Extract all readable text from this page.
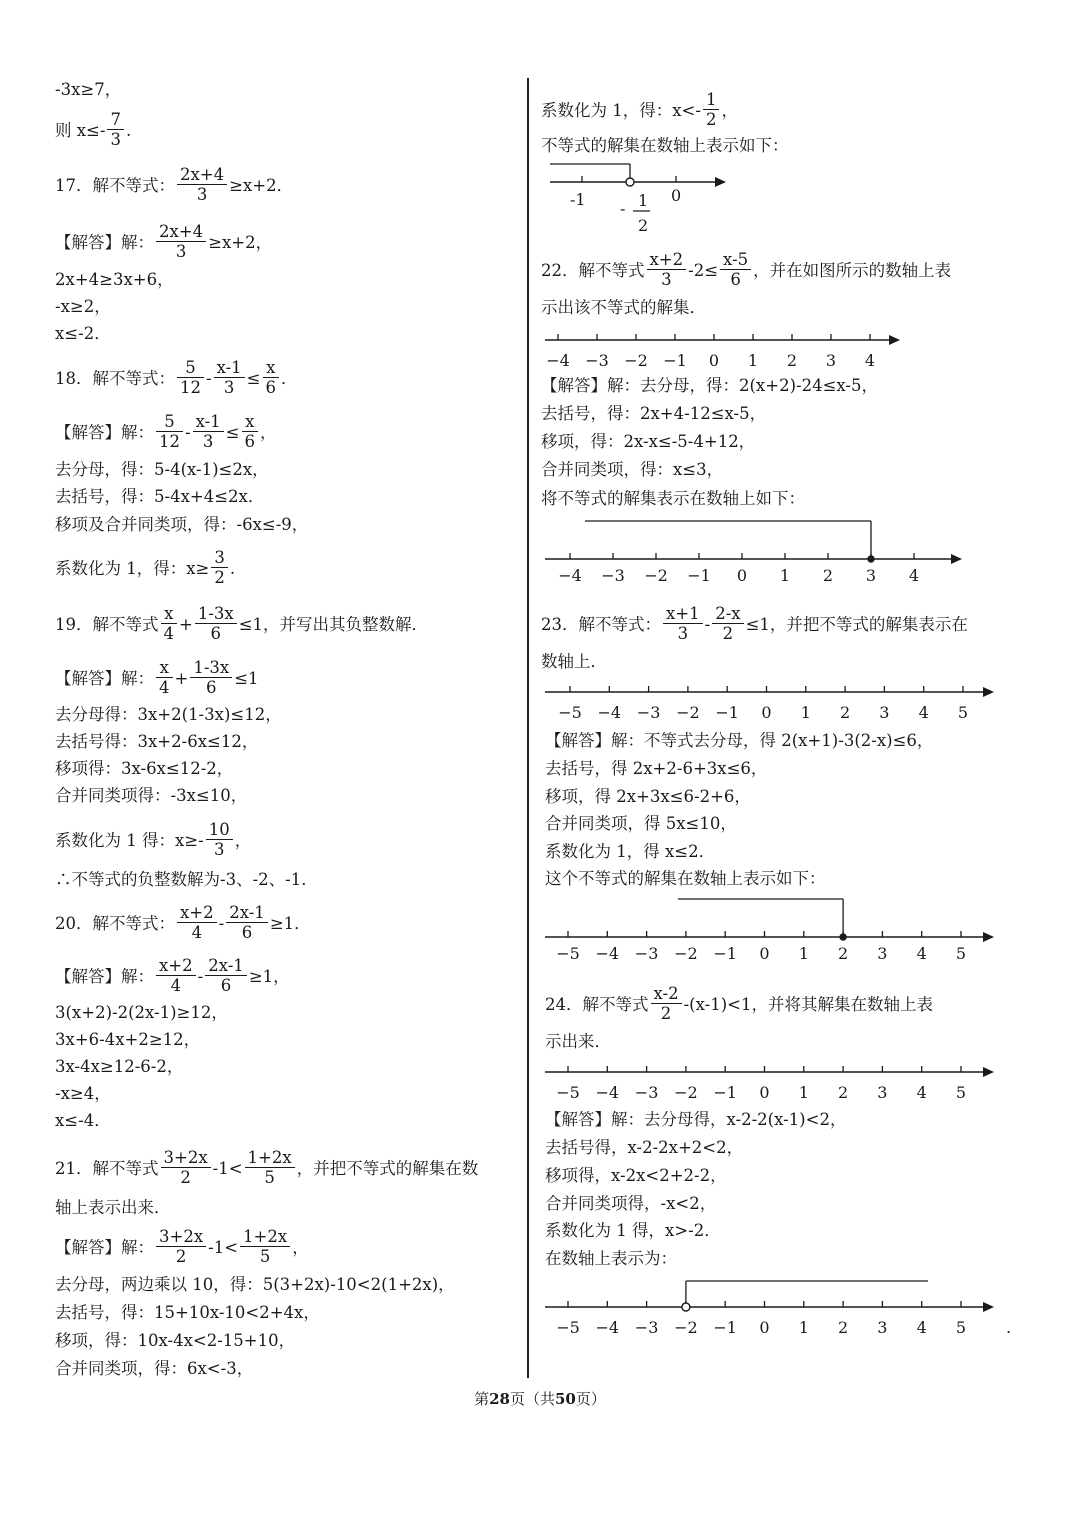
-3x≥7，
则 $x\le- \frac{7}{3}$ .
17．解不等式： $\frac{2x+4}{3} \ge x+2$．
【解答】解： $\frac{2x+4}{3} \ge x+2$，
2x+4≥3x+6，
-x≥2，
x≤-2．
18．解不等式： $\frac{5}{12} - \frac{x-1}{3} \le \frac{x}{6}$ ．
【解答】解： $\frac{5}{12} - \frac{x-1}{3} \le \frac{x}{6}$ ，
去分母，得：5-4(x-1)≤2x，
去括号，得：5-4x+4≤2x．
移项及合并同类项，得：-6x≤-9，
系数化为 1，得：$x\ge \frac{3}{2}$ .
19．解不等式 $\frac{x}{4} + \frac{1-3x}{6} \le 1$，并写出其负整数解．
【解答】解： $\frac{x}{4} + \frac{1-3x}{6} \le 1$
去分母得：3x+2(1-3x)≤12，
去括号得：3x+2-6x≤12，
移项得：3x-6x≤12-2，
合并同类项得：-3x≤10，
系数化为 1 得：$x\ge- \frac{10}{3}$ ，
∴不等式的负整数解为-3、-2、-1．
20．解不等式： $\frac{x+2}{4} - \frac{2x-1}{6} \ge 1$．
【解答】解： $\frac{x+2}{4} - \frac{2x-1}{6} \ge 1$，
3(x+2)-2(2x-1)≥12，
3x+6-4x+2≥12，
3x-4x≥12-6-2，
-x≥4，
x≤-4．
21．解不等式 $\frac{3+2x}{2} -1< \frac{1+2x}{5}$ ，并把不等式的解集在数
轴上表示出来．
【解答】解： $\frac{3+2x}{2} -1< \frac{1+2x}{5}$ ，
去分母，两边乘以 10，得：5(3+2x)-10<2(1+2x)，
去括号，得：15+10x-10<2+4x，
移项，得：10x-4x<2-15+10，
合并同类项，得：6x<-3，
系数化为 1，得：$x<- \frac{1}{2}$ ，
不等式的解集在数轴上表示如下：
-1	0
- 1
2
22．解不等式 $\frac{x+2}{3} -2\le \frac{x-5}{6}$ ，并在如图所示的数轴上表
示出该不等式的解集．
−4 −3 −2 −1 0 1 2 3 4
【解答】解：去分母，得：2(x+2)-24≤x-5，
去括号，得：2x+4-12≤x-5，
移项，得：2x-x≤-5-4+12，
合并同类项，得：x≤3，
将不等式的解集表示在数轴上如下：
−4 −3 −2 −1 0 1 2 3 4
23．解不等式： $\frac{x+1}{3} - \frac{2-x}{2} \le 1$，并把不等式的解集表示在
数轴上．
−5 −4 −3 −2 −1 0 1 2 3 4 5
【解答】解：不等式去分母，得 2(x+1)-3(2-x)≤6，
去括号，得 2x+2-6+3x≤6，
移项，得 2x+3x≤6-2+6，
合并同类项，得 5x≤10，
系数化为 1，得 x≤2．
这个不等式的解集在数轴上表示如下：
−5 −4 −3 −2 −1 0 1 2 3 4 5
24．解不等式 $\frac{x-2}{2} -(x-1)<1$，并将其解集在数轴上表
示出来．
−5 −4 −3 −2 −1 0 1 2 3 4 5
【解答】解：去分母得，x-2-2(x-1)<2，
去括号得，x-2-2x+2<2，
移项得，x-2x<2+2-2，
合并同类项得，-x<2，
系数化为 1 得，x>-2．
在数轴上表示为：
−5 −4 −3 −2 −1 0 1 2 3 4 5 .
第28页（共50页）
